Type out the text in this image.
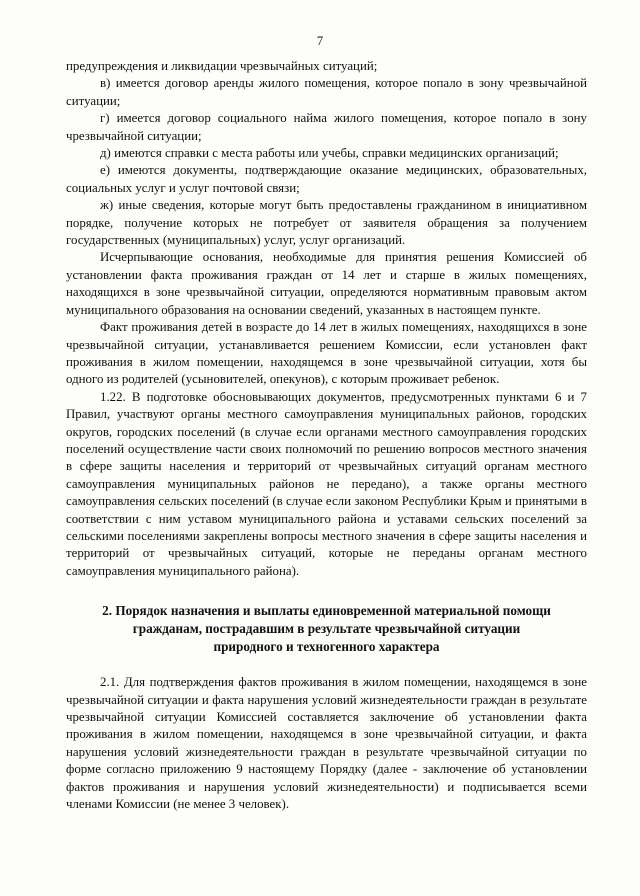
7

предупреждения и ликвидации чрезвычайных ситуаций;

в) имеется договор аренды жилого помещения, которое попало в зону чрезвычайной ситуации;

г) имеется договор социального найма жилого помещения, которое попало в зону чрезвычайной ситуации;

д) имеются справки с места работы или учебы, справки медицинских организаций;

е) имеются документы, подтверждающие оказание медицинских, образовательных, социальных услуг и услуг почтовой связи;

ж) иные сведения, которые могут быть предоставлены гражданином в инициативном порядке, получение которых не потребует от заявителя обращения за получением государственных (муниципальных) услуг, услуг организаций.

Исчерпывающие основания, необходимые для принятия решения Комиссией об установлении факта проживания граждан от 14 лет и старше в жилых помещениях, находящихся в зоне чрезвычайной ситуации, определяются нормативным правовым актом муниципального образования на основании сведений, указанных в настоящем пункте.

Факт проживания детей в возрасте до 14 лет в жилых помещениях, находящихся в зоне чрезвычайной ситуации, устанавливается решением Комиссии, если установлен факт проживания в жилом помещении, находящемся в зоне чрезвычайной ситуации, хотя бы одного из родителей (усыновителей, опекунов), с которым проживает ребенок.

1.22. В подготовке обосновывающих документов, предусмотренных пунктами 6 и 7 Правил, участвуют органы местного самоуправления муниципальных районов, городских округов, городских поселений (в случае если органами местного самоуправления городских поселений осуществление части своих полномочий по решению вопросов местного значения в сфере защиты населения и территорий от чрезвычайных ситуаций органам местного самоуправления муниципальных районов не передано), а также органы местного самоуправления сельских поселений (в случае если законом Республики Крым и принятыми в соответствии с ним уставом муниципального района и уставами сельских поселений за сельскими поселениями закреплены вопросы местного значения в сфере защиты населения и территорий от чрезвычайных ситуаций, которые не переданы органам местного самоуправления муниципального района).

2. Порядок назначения и выплаты единовременной материальной помощи
гражданам, пострадавшим в результате чрезвычайной ситуации
природного и техногенного характера

2.1. Для подтверждения фактов проживания в жилом помещении, находящемся в зоне чрезвычайной ситуации и факта нарушения условий жизнедеятельности граждан в результате чрезвычайной ситуации Комиссией составляется заключение об установлении факта проживания в жилом помещении, находящемся в зоне чрезвычайной ситуации, и факта нарушения условий жизнедеятельности граждан в результате чрезвычайной ситуации по форме согласно приложению 9 настоящему Порядку (далее - заключение об установлении фактов проживания и нарушения условий жизнедеятельности) и подписывается всеми членами Комиссии (не менее 3 человек).
